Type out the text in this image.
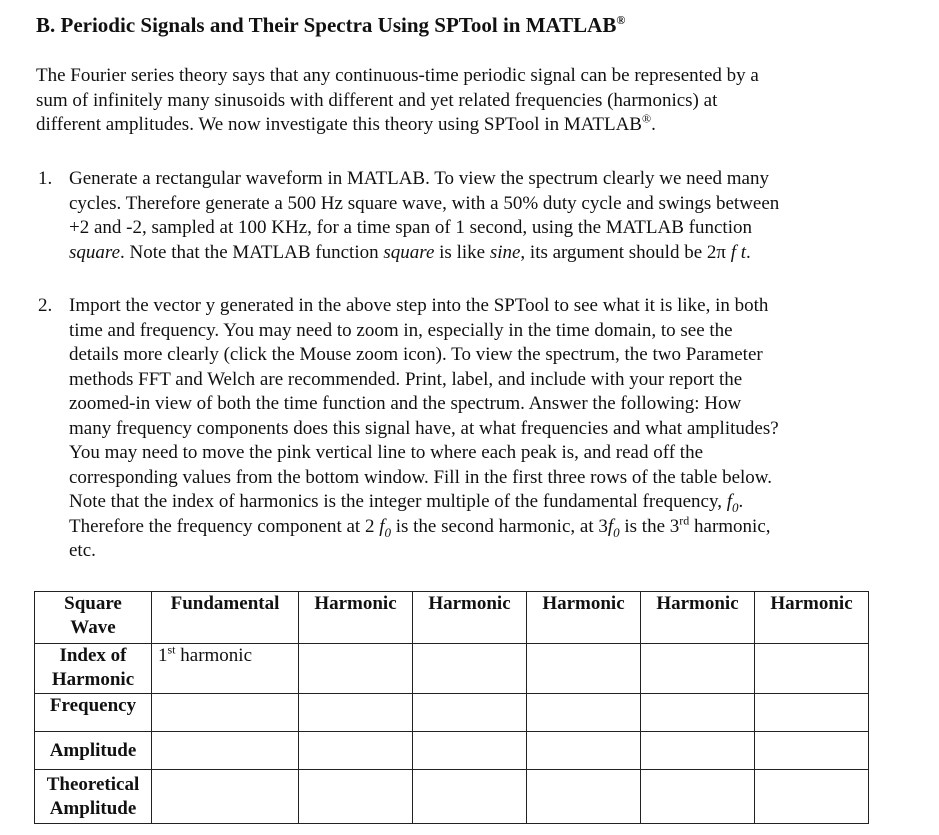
B. Periodic Signals and Their Spectra Using SPTool in MATLAB®
The Fourier series theory says that any continuous-time periodic signal can be represented by a
sum of infinitely many sinusoids with different and yet related frequencies (harmonics) at
different amplitudes. We now investigate this theory using SPTool in MATLAB®.
1. Generate a rectangular waveform in MATLAB. To view the spectrum clearly we need many
cycles. Therefore generate a 500 Hz square wave, with a 50% duty cycle and swings between
+2 and -2, sampled at 100 KHz, for a time span of 1 second, using the MATLAB function
square. Note that the MATLAB function square is like sine, its argument should be 2π f t.
2. Import the vector y generated in the above step into the SPTool to see what it is like, in both
time and frequency. You may need to zoom in, especially in the time domain, to see the
details more clearly (click the Mouse zoom icon). To view the spectrum, the two Parameter
methods FFT and Welch are recommended. Print, label, and include with your report the
zoomed-in view of both the time function and the spectrum. Answer the following: How
many frequency components does this signal have, at what frequencies and what amplitudes?
You may need to move the pink vertical line to where each peak is, and read off the
corresponding values from the bottom window. Fill in the first three rows of the table below.
Note that the index of harmonics is the integer multiple of the fundamental frequency, $f_0$.
Therefore the frequency component at 2 $f_0$ is the second harmonic, at $3f_0$ is the 3rd harmonic,
etc.
Square
Wave	Fundamental	Harmonic	Harmonic	Harmonic	Harmonic	Harmonic

Index of
Harmonic	1st harmonic					
Frequency						
Amplitude						

Theoretical
Amplitude						
